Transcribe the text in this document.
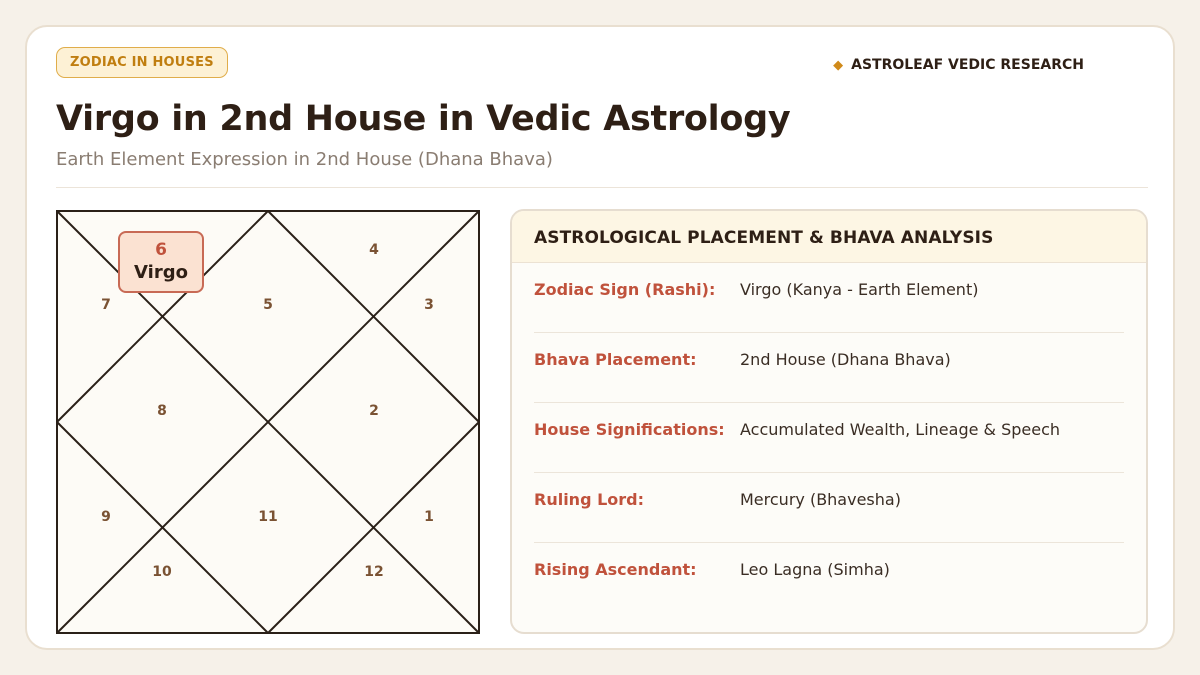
ZODIAC IN HOUSES	◆ ASTROLEAF VEDIC RESEARCH
Virgo in 2nd House in Vedic Astrology
Earth Element Expression in 2nd House (Dhana Bhava)
7	5
4
3
8	2
9	11	1
10	12
6
Virgo
ASTROLOGICAL PLACEMENT & BHAVA ANALYSIS
Zodiac Sign (Rashi):	Virgo (Kanya - Earth Element)
Bhava Placement:	2nd House (Dhana Bhava)
House Significations: Accumulated Wealth, Lineage & Speech
Ruling Lord:	Mercury (Bhavesha)
Rising Ascendant:	Leo Lagna (Simha)
